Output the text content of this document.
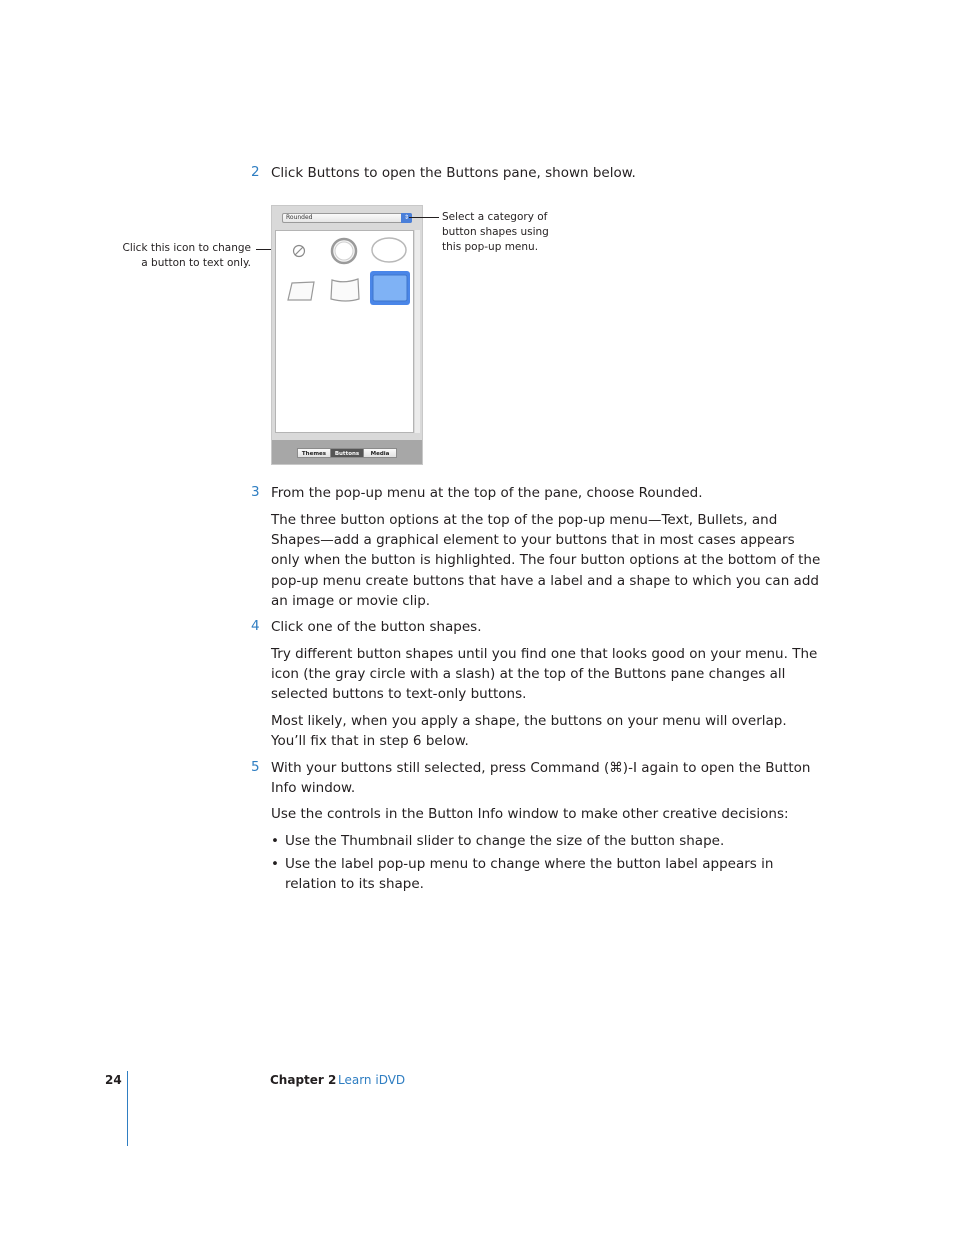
2 Click Buttons to open the Buttons pane, shown below.
Click this icon to change
a button to text only.
Rounded	⇕
Themes	Buttons	Media
Select a category of
button shapes using
this pop-up menu.
3 From the pop-up menu at the top of the pane, choose Rounded.
The three button options at the top of the pop-up menu—Text, Bullets, and Shapes—add a graphical element to your buttons that in most cases appears only when the button is highlighted. The four button options at the bottom of the pop-up menu create buttons that have a label and a shape to which you can add an image or movie clip.
4 Click one of the button shapes.
Try different button shapes until you find one that looks good on your menu. The icon (the gray circle with a slash) at the top of the Buttons pane changes all selected buttons to text-only buttons.
Most likely, when you apply a shape, the buttons on your menu will overlap. You’ll fix that in step 6 below.
5 With your buttons still selected, press Command (⌘)-I again to open the Button Info window.
Use the controls in the Button Info window to make other creative decisions:
• Use the Thumbnail slider to change the size of the button shape.
• Use the label pop-up menu to change where the button label appears in relation to its shape.
24	Chapter 2 Learn iDVD
